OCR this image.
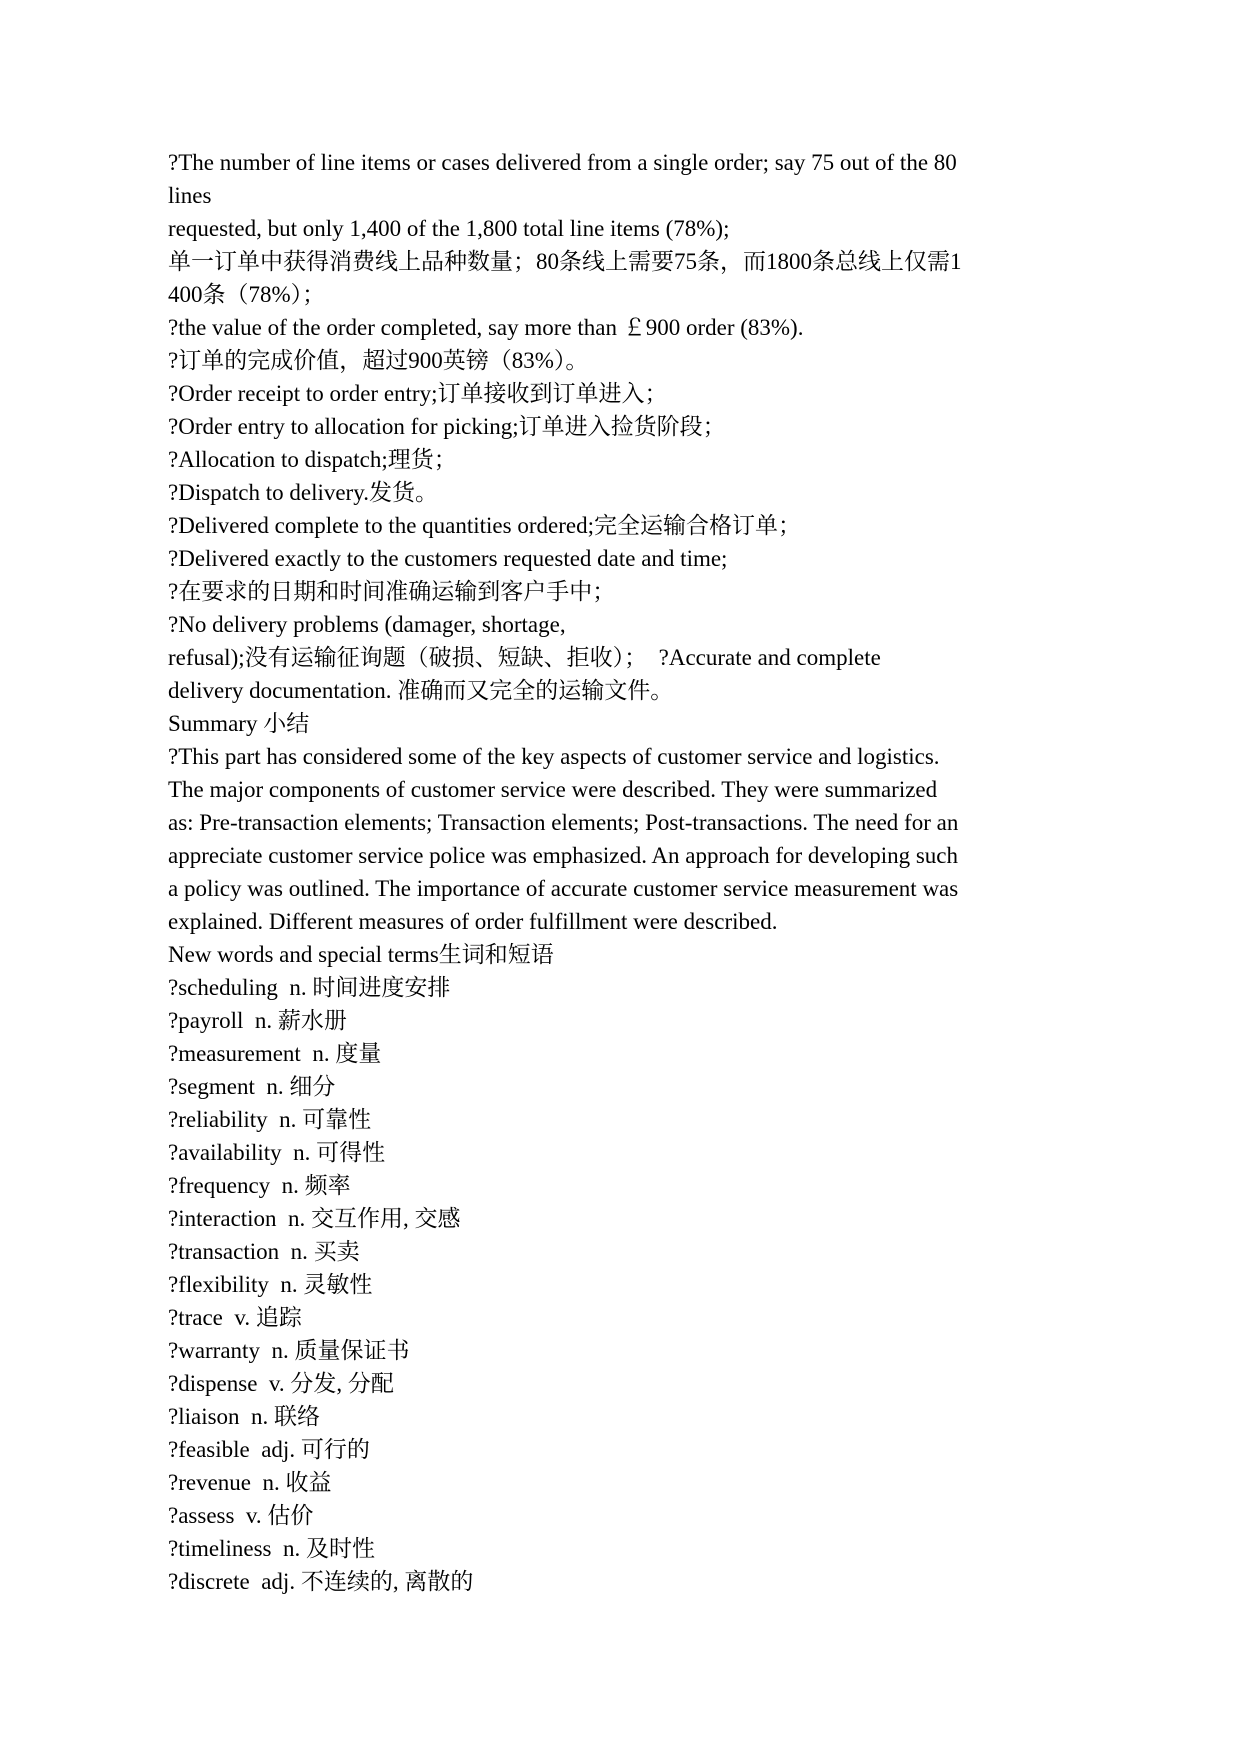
?The number of line items or cases delivered from a single order; say 75 out of the 80
lines
requested, but only 1,400 of the 1,800 total line items (78%);
单一订单中获得消费线上品种数量；80条线上需要75条，而1800条总线上仅需1
400条（78%）；
?the value of the order completed, say more than ￡900 order (83%).
?订单的完成价值，超过900英镑（83%）。
?Order receipt to order entry;订单接收到订单进入；
?Order entry to allocation for picking;订单进入捡货阶段；
?Allocation to dispatch;理货；
?Dispatch to delivery.发货。
?Delivered complete to the quantities ordered;完全运输合格订单；
?Delivered exactly to the customers requested date and time;
?在要求的日期和时间准确运输到客户手中；
?No delivery problems (damager, shortage,
refusal);没有运输征询题（破损、短缺、拒收）；  ?Accurate and complete
delivery documentation. 准确而又完全的运输文件。
Summary 小结
?This part has considered some of the key aspects of customer service and logistics.
The major components of customer service were described. They were summarized
as: Pre-transaction elements; Transaction elements; Post-transactions. The need for an
appreciate customer service police was emphasized. An approach for developing such
a policy was outlined. The importance of accurate customer service measurement was
explained. Different measures of order fulfillment were described.
New words and special terms生词和短语
?scheduling  n. 时间进度安排
?payroll  n. 薪水册
?measurement  n. 度量
?segment  n. 细分
?reliability  n. 可靠性
?availability  n. 可得性
?frequency  n. 频率
?interaction  n. 交互作用, 交感
?transaction  n. 买卖
?flexibility  n. 灵敏性
?trace  v. 追踪
?warranty  n. 质量保证书
?dispense  v. 分发, 分配
?liaison  n. 联络
?feasible  adj. 可行的
?revenue  n. 收益
?assess  v. 估价
?timeliness  n. 及时性
?discrete  adj. 不连续的, 离散的
